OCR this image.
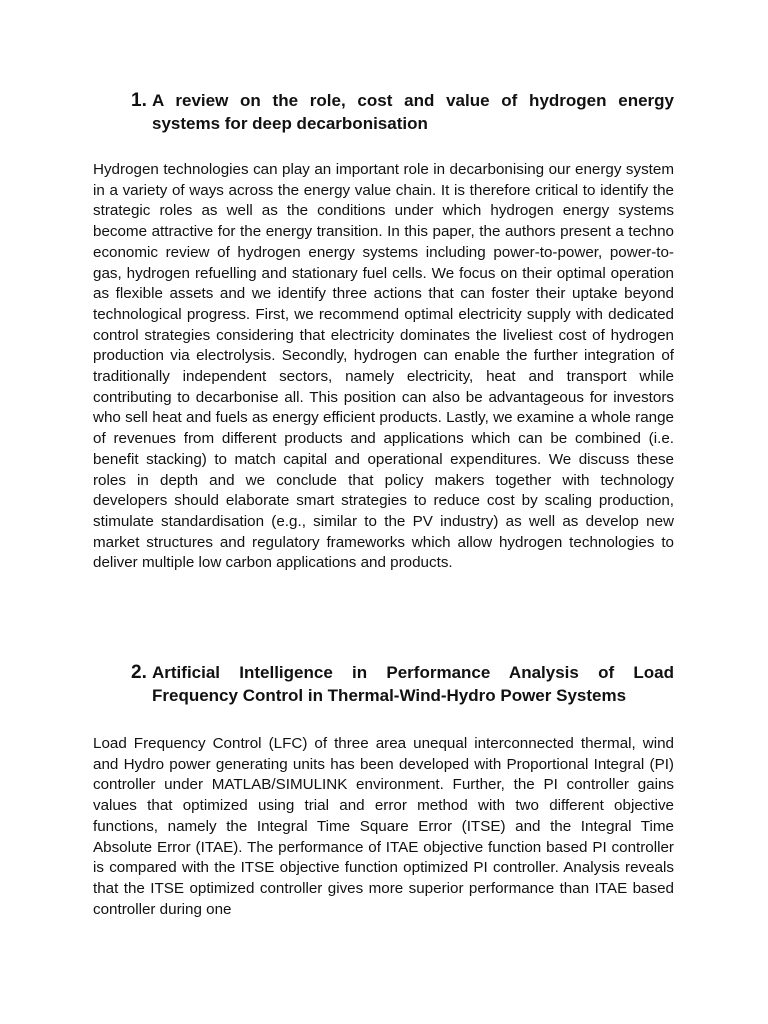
1. A review on the role, cost and value of hydrogen energy systems for deep decarbonisation

Hydrogen technologies can play an important role in decarbonising our energy system in a variety of ways across the energy value chain. It is therefore critical to identify the strategic roles as well as the conditions under which hydrogen energy systems become attractive for the energy transition. In this paper, the authors present a techno economic review of hydrogen energy systems including power-to-power, power-to-gas, hydrogen refuelling and stationary fuel cells. We focus on their optimal operation as flexible assets and we identify three actions that can foster their uptake beyond technological progress. First, we recommend optimal electricity supply with dedicated control strategies considering that electricity dominates the liveliest cost of hydrogen production via electrolysis. Secondly, hydrogen can enable the further integration of traditionally independent sectors, namely electricity, heat and transport while contributing to decarbonise all. This position can also be advantageous for investors who sell heat and fuels as energy efficient products. Lastly, we examine a whole range of revenues from different products and applications which can be combined (i.e. benefit stacking) to match capital and operational expenditures. We discuss these roles in depth and we conclude that policy makers together with technology developers should elaborate smart strategies to reduce cost by scaling production, stimulate standardisation (e.g., similar to the PV industry) as well as develop new market structures and regulatory frameworks which allow hydrogen technologies to deliver multiple low carbon applications and products.

2. Artificial Intelligence in Performance Analysis of Load Frequency Control in Thermal-Wind-Hydro Power Systems

Load Frequency Control (LFC) of three area unequal interconnected thermal, wind and Hydro power generating units has been developed with Proportional Integral (PI) controller under MATLAB/SIMULINK environment. Further, the PI controller gains values that optimized using trial and error method with two different objective functions, namely the Integral Time Square Error (ITSE) and the Integral Time Absolute Error (ITAE). The performance of ITAE objective function based PI controller is compared with the ITSE objective function optimized PI controller. Analysis reveals that the ITSE optimized controller gives more superior performance than ITAE based controller during one
